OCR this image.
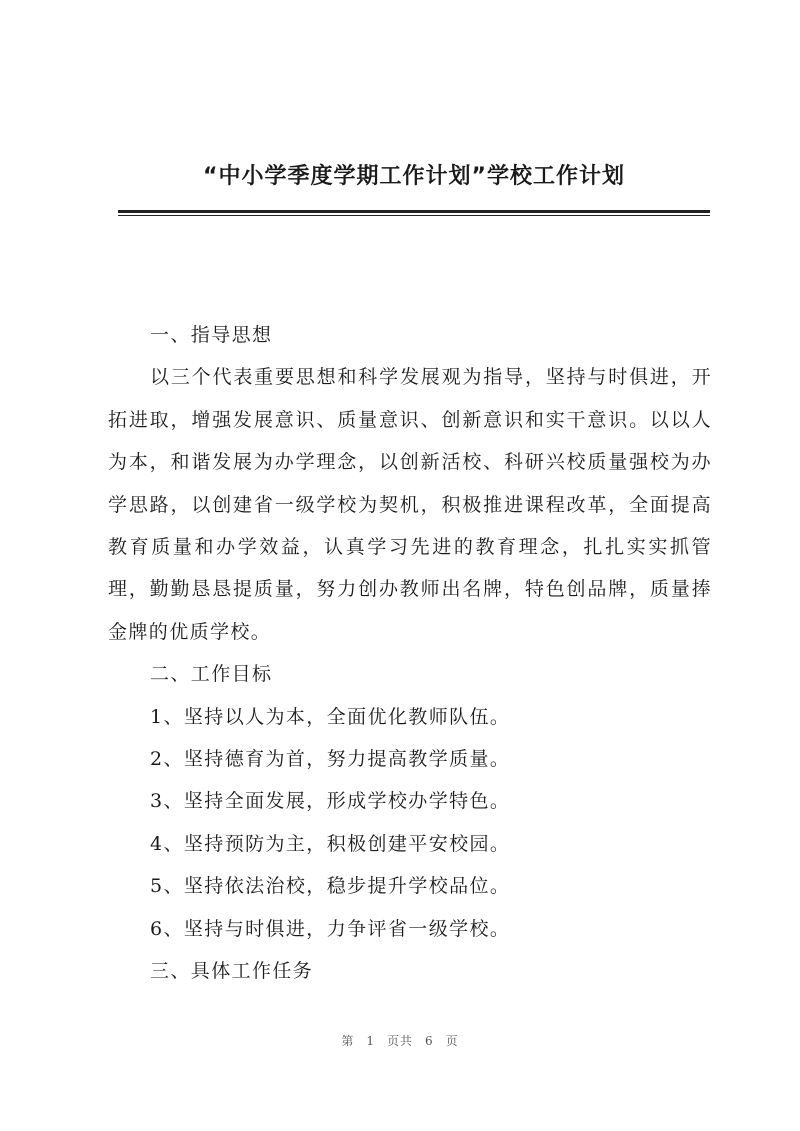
“中小学季度学期工作计划”学校工作计划

一、指导思想

以三个代表重要思想和科学发展观为指导，坚持与时俱进，开拓进取，增强发展意识、质量意识、创新意识和实干意识。以以人为本，和谐发展为办学理念，以创新活校、科研兴校质量强校为办学思路，以创建省一级学校为契机，积极推进课程改革，全面提高教育质量和办学效益，认真学习先进的教育理念，扎扎实实抓管理，勤勤恳恳提质量，努力创办教师出名牌，特色创品牌，质量捧金牌的优质学校。

二、工作目标

1、坚持以人为本，全面优化教师队伍。

2、坚持德育为首，努力提高教学质量。

3、坚持全面发展，形成学校办学特色。

4、坚持预防为主，积极创建平安校园。

5、坚持依法治校，稳步提升学校品位。

6、坚持与时俱进，力争评省一级学校。

三、具体工作任务

第 1 页共 6 页
